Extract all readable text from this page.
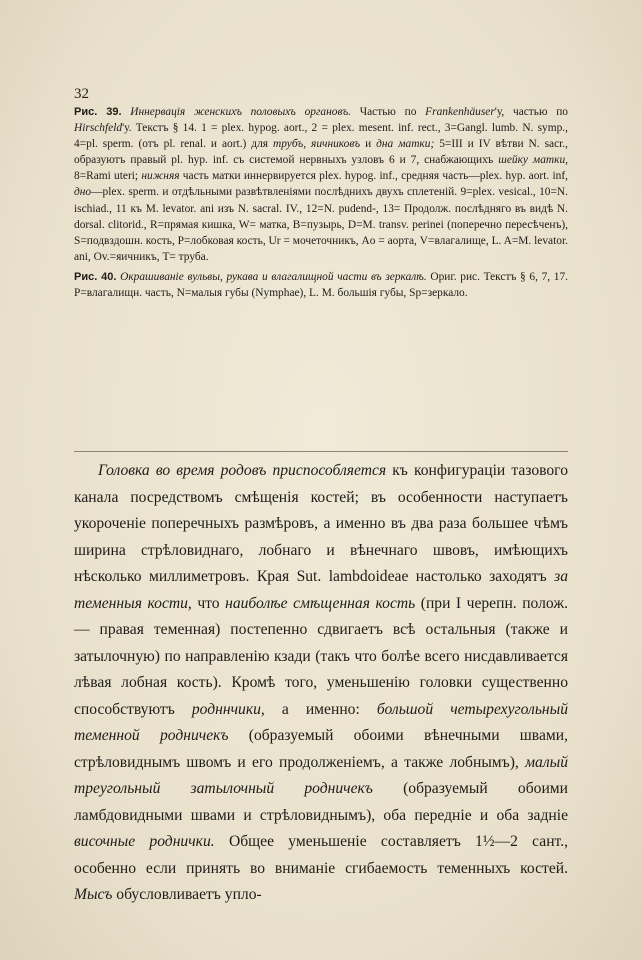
32

Рис. 39. Иннервація женскихъ половыхъ органовъ. Частью по Frankenhäuser'у, частью по Hirschfeld'у. Текстъ § 14. 1 = plex. hypog. aort., 2 = plex. mesent. inf. rect., 3=Gangl. lumb. N. symp., 4=pl. sperm. (отъ pl. renal. и aort.) для трубъ, яичниковъ и дна матки; 5=III и IV вѣтви N. sacr., образуютъ правый pl. hyp. inf. съ системой нервныхъ узловъ 6 и 7, снабжающихъ шейку матки, 8=Rami uteri; нижняя часть матки иннервируется plex. hypog. inf., средняя часть—plex. hyp. aort. inf, дно—plex. sperm. и отдѣльными развѣтвленіями послѣднихъ двухъ сплетеній. 9=plex. vesical., 10=N. ischiad., 11 къ M. levator. ani изъ N. sacral. IV., 12=N. pudend-, 13= Продолж. послѣдняго въ видѣ N. dorsal. clitorid., R=прямая кишка, W= матка, B=пузырь, D=M. transv. perinei (поперечно пересѣченъ), S=подвздошн. кость, P=лобковая кость, Ur = мочеточникъ, Ao = аорта, V=влагалище, L. A=M. levator. ani, Ov.=яичникъ, T= труба.

Рис. 40. Окрашиваніе вульвы, рукава и влагалищной части въ зеркалѣ. Ориг. рис. Текстъ § 6, 7, 17. P=влагалищн. часть, N=малыя губы (Nymphae), L. M. большія губы, Sp=зеркало.

Головка во время родовъ приспособляется къ конфигураціи тазового канала посредствомъ смѣщенія костей; въ особенности наступаетъ укороченіе поперечныхъ размѣровъ, а именно въ два раза большее чѣмъ ширина стрѣловиднаго, лобнаго и вѣнечнаго швовъ, имѣющихъ нѣсколько миллиметровъ. Края Sut. lambdoideae настолько заходятъ за теменныя кости, что наиболѣе смѣщенная кость (при I черепн. полож. — правая теменная) постепенно сдвигаетъ всѣ остальныя (также и затылочную) по направленію кзади (такъ что болѣе всего нисдавливается лѣвая лобная кость). Кромѣ того, уменьшенію головки существенно способствуютъ родннчики, а именно: большой четырехугольный теменной родничекъ (образуемый обоими вѣнечными швами, стрѣловиднымъ швомъ и его продолженіемъ, а также лобнымъ), малый треугольный затылочный родничекъ (образуемый обоими ламбдовидными швами и стрѣловиднымъ), оба переднiе и оба задніе височные роднички. Общее уменьшеніе составляетъ 1½—2 сант., особенно если принять во вниманіе сгибаемость теменныхъ костей. Мысъ обусловливаетъ упло-
